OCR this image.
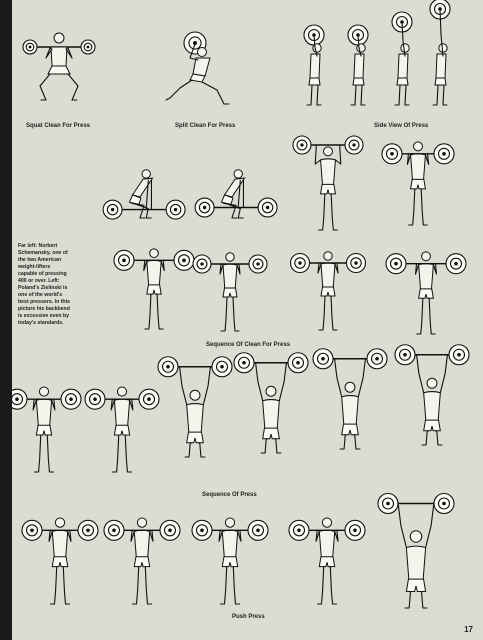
Squat Clean For Press	Split Clean For Press	Side View Of Press
Far left: Norbert Schemansky, one of the two American weight-lifters capable of pressing 400 or over. Left: Poland's Zielinski is one of the world's best pressers. In this picture his backbend is excessive even by today's standards.
Sequence Of Clean For Press
Sequence Of Press
Push Press
17
